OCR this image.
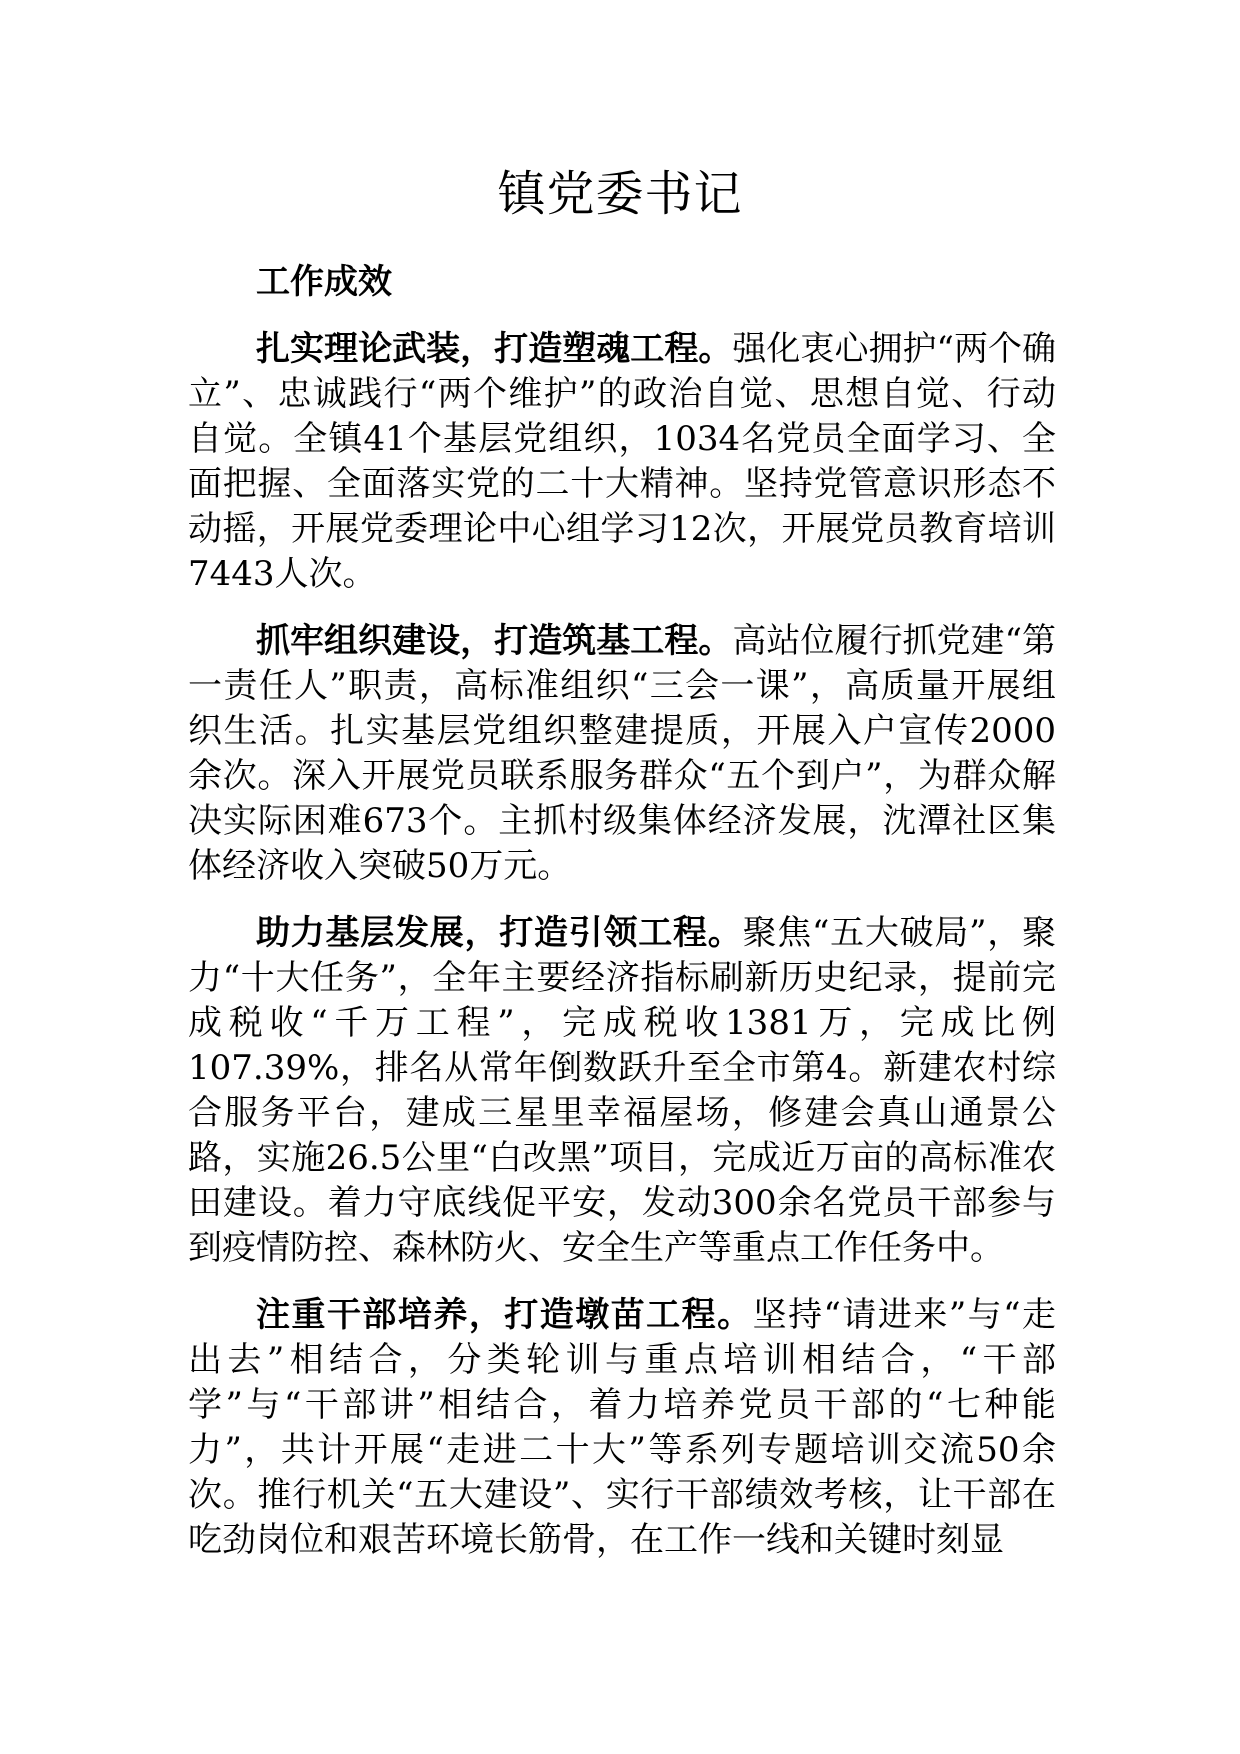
镇党委书记

工作成效

扎实理论武装，打造塑魂工程。强化衷心拥护“两个确立”、忠诚践行“两个维护”的政治自觉、思想自觉、行动自觉。全镇41个基层党组织，1034名党员全面学习、全面把握、全面落实党的二十大精神。坚持党管意识形态不动摇，开展党委理论中心组学习12次，开展党员教育培训7443人次。

抓牢组织建设，打造筑基工程。高站位履行抓党建“第一责任人”职责，高标准组织“三会一课”，高质量开展组织生活。扎实基层党组织整建提质，开展入户宣传2000余次。深入开展党员联系服务群众“五个到户”，为群众解决实际困难673个。主抓村级集体经济发展，沈潭社区集体经济收入突破50万元。

助力基层发展，打造引领工程。聚焦“五大破局”，聚力“十大任务”，全年主要经济指标刷新历史纪录，提前完成税收“千万工程”，完成税收1381万，完成比例107.39%，排名从常年倒数跃升至全市第4。新建农村综合服务平台，建成三星里幸福屋场，修建会真山通景公路，实施26.5公里“白改黑”项目，完成近万亩的高标准农田建设。着力守底线促平安，发动300余名党员干部参与到疫情防控、森林防火、安全生产等重点工作任务中。

注重干部培养，打造墩苗工程。坚持“请进来”与“走出去”相结合，分类轮训与重点培训相结合，“干部学”与“干部讲”相结合，着力培养党员干部的“七种能力”，共计开展“走进二十大”等系列专题培训交流50余次。推行机关“五大建设”、实行干部绩效考核，让干部在吃劲岗位和艰苦环境长筋骨，在工作一线和关键时刻显
